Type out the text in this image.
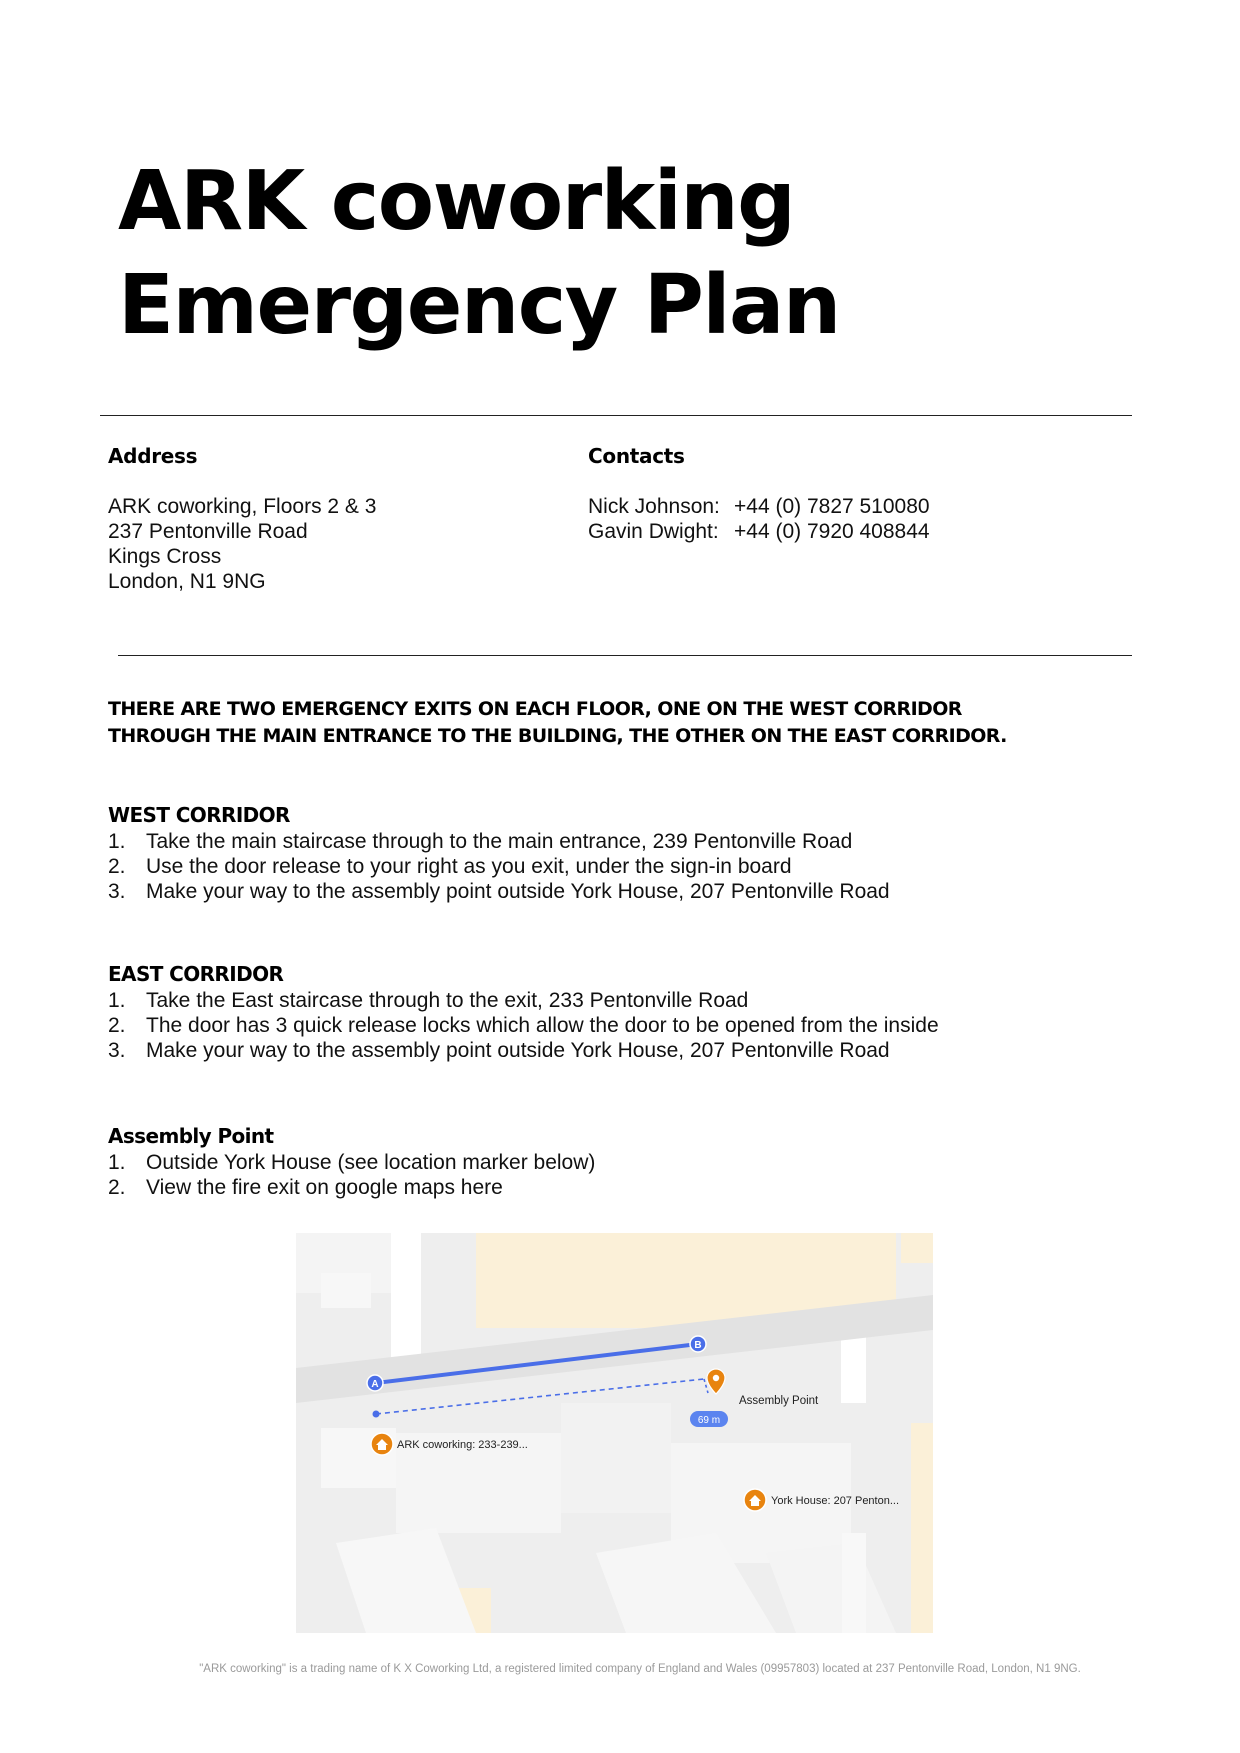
ARK coworking
Emergency Plan
Address
ARK coworking, Floors 2 & 3
237 Pentonville Road
Kings Cross
London, N1 9NG
Contacts
Nick Johnson: +44 (0) 7827 510080
Gavin Dwight: +44 (0) 7920 408844
THERE ARE TWO EMERGENCY EXITS ON EACH FLOOR, ONE ON THE WEST CORRIDOR
THROUGH THE MAIN ENTRANCE TO THE BUILDING, THE OTHER ON THE EAST CORRIDOR.
WEST CORRIDOR
1. Take the main staircase through to the main entrance, 239 Pentonville Road
2. Use the door release to your right as you exit, under the sign-in board
3. Make your way to the assembly point outside York House, 207 Pentonville Road
EAST CORRIDOR
1. Take the East staircase through to the exit, 233 Pentonville Road
2. The door has 3 quick release locks which allow the door to be opened from the inside
3. Make your way to the assembly point outside York House, 207 Pentonville Road
Assembly Point
1. Outside York House (see location marker below)
2. View the fire exit on google maps here
A
B
69 m
Assembly Point
ARK coworking: 233-239...
York House: 207 Penton...
"ARK coworking" is a trading name of K X Coworking Ltd, a registered limited company of England and Wales (09957803) located at 237 Pentonville Road, London, N1 9NG.
